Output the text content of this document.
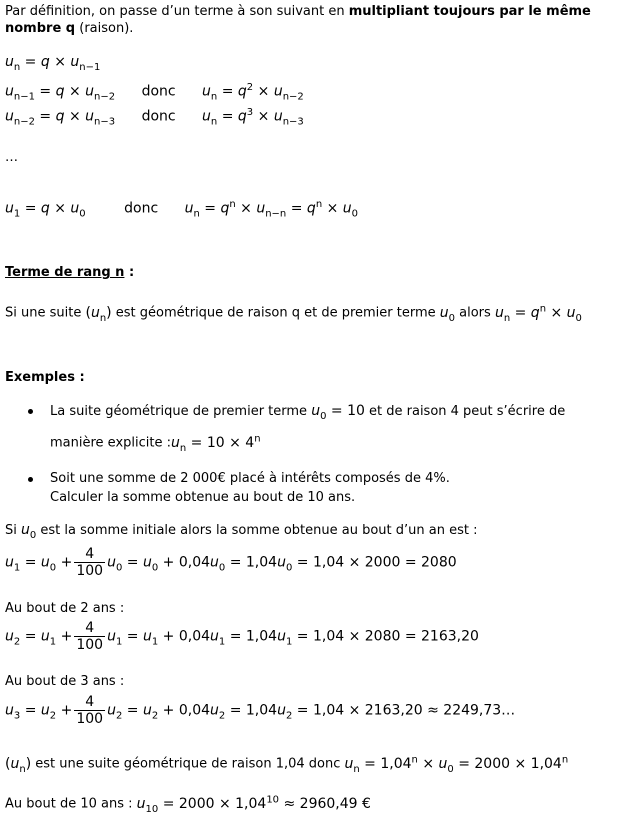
Par définition, on passe d’un terme à son suivant en multipliant toujours par le même
nombre q (raison).
$u_n = q \times u_{n-1}$
$u_{n-1} = q \times u_{n-2}$ donc $u_n = q^2 \times u_{n-2}$
$u_{n-2} = q \times u_{n-3}$ donc $u_n = q^3 \times u_{n-3}$
…
$u_1 = q \times u_0$	donc $u_n = q^n \times u_{n-n} = q^n \times u_0$
Terme de rang n :
Si une suite $(u_n)$ est géométrique de raison q et de premier terme $u_0$ alors $u_n = q^n \times u_0$
Exemples :
La suite géométrique de premier terme $u_0 = 10$ et de raison 4 peut s’écrire de
manière explicite $:u_n = 10 \times 4^n$
Soit une somme de 2 000€ placé à intérêts composés de 4%.
Calculer la somme obtenue au bout de 10 ans.
Si $u_0$ est la somme initiale alors la somme obtenue au bout d’un an est :
$u_1 = u_0 + \frac{4}{100} u_0 = u_0 + 0,04u_0 = 1,04u_0 = 1,04 \times 2000 = 2080$
Au bout de 2 ans :
$u_2 = u_1 + \frac{4}{100} u_1 = u_1 + 0,04u_1 = 1,04u_1 = 1,04 \times 2080 = 2163,20$
Au bout de 3 ans :
$u_3 = u_2 + \frac{4}{100} u_2 = u_2 + 0,04u_2 = 1,04u_2 = 1,04 \times 2163,20$ ≈ 2249,73…
$(u_n)$ est une suite géométrique de raison 1,04 donc $u_n = 1,04^n \times u_0 = 2000 \times 1,04^n$
Au bout de 10 ans : $u_{10} = 2000 \times 1,04^{10} \approx 2960,49$ €
